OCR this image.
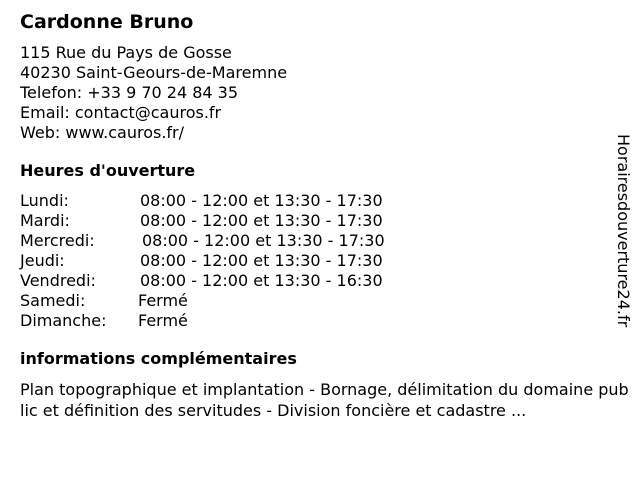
Cardonne Bruno
115 Rue du Pays de Gosse
40230 Saint-Geours-de-Maremne
Telefon: +33 9 70 24 84 35
Email: contact@cauros.fr
Web: www.cauros.fr/
Heures d'ouverture
Lundi:	08:00 - 12:00 et 13:30 - 17:30
Mardi:	08:00 - 12:00 et 13:30 - 17:30
Mercredi:	08:00 - 12:00 et 13:30 - 17:30
Jeudi:	08:00 - 12:00 et 13:30 - 17:30
Vendredi:	08:00 - 12:00 et 13:30 - 16:30
Samedi:	Fermé
Dimanche:	Fermé
informations complémentaires
Plan topographique et implantation - Bornage, délimitation du domaine public et définition des servitudes - Division foncière et cadastre ...
Horairesdouverture24.fr
